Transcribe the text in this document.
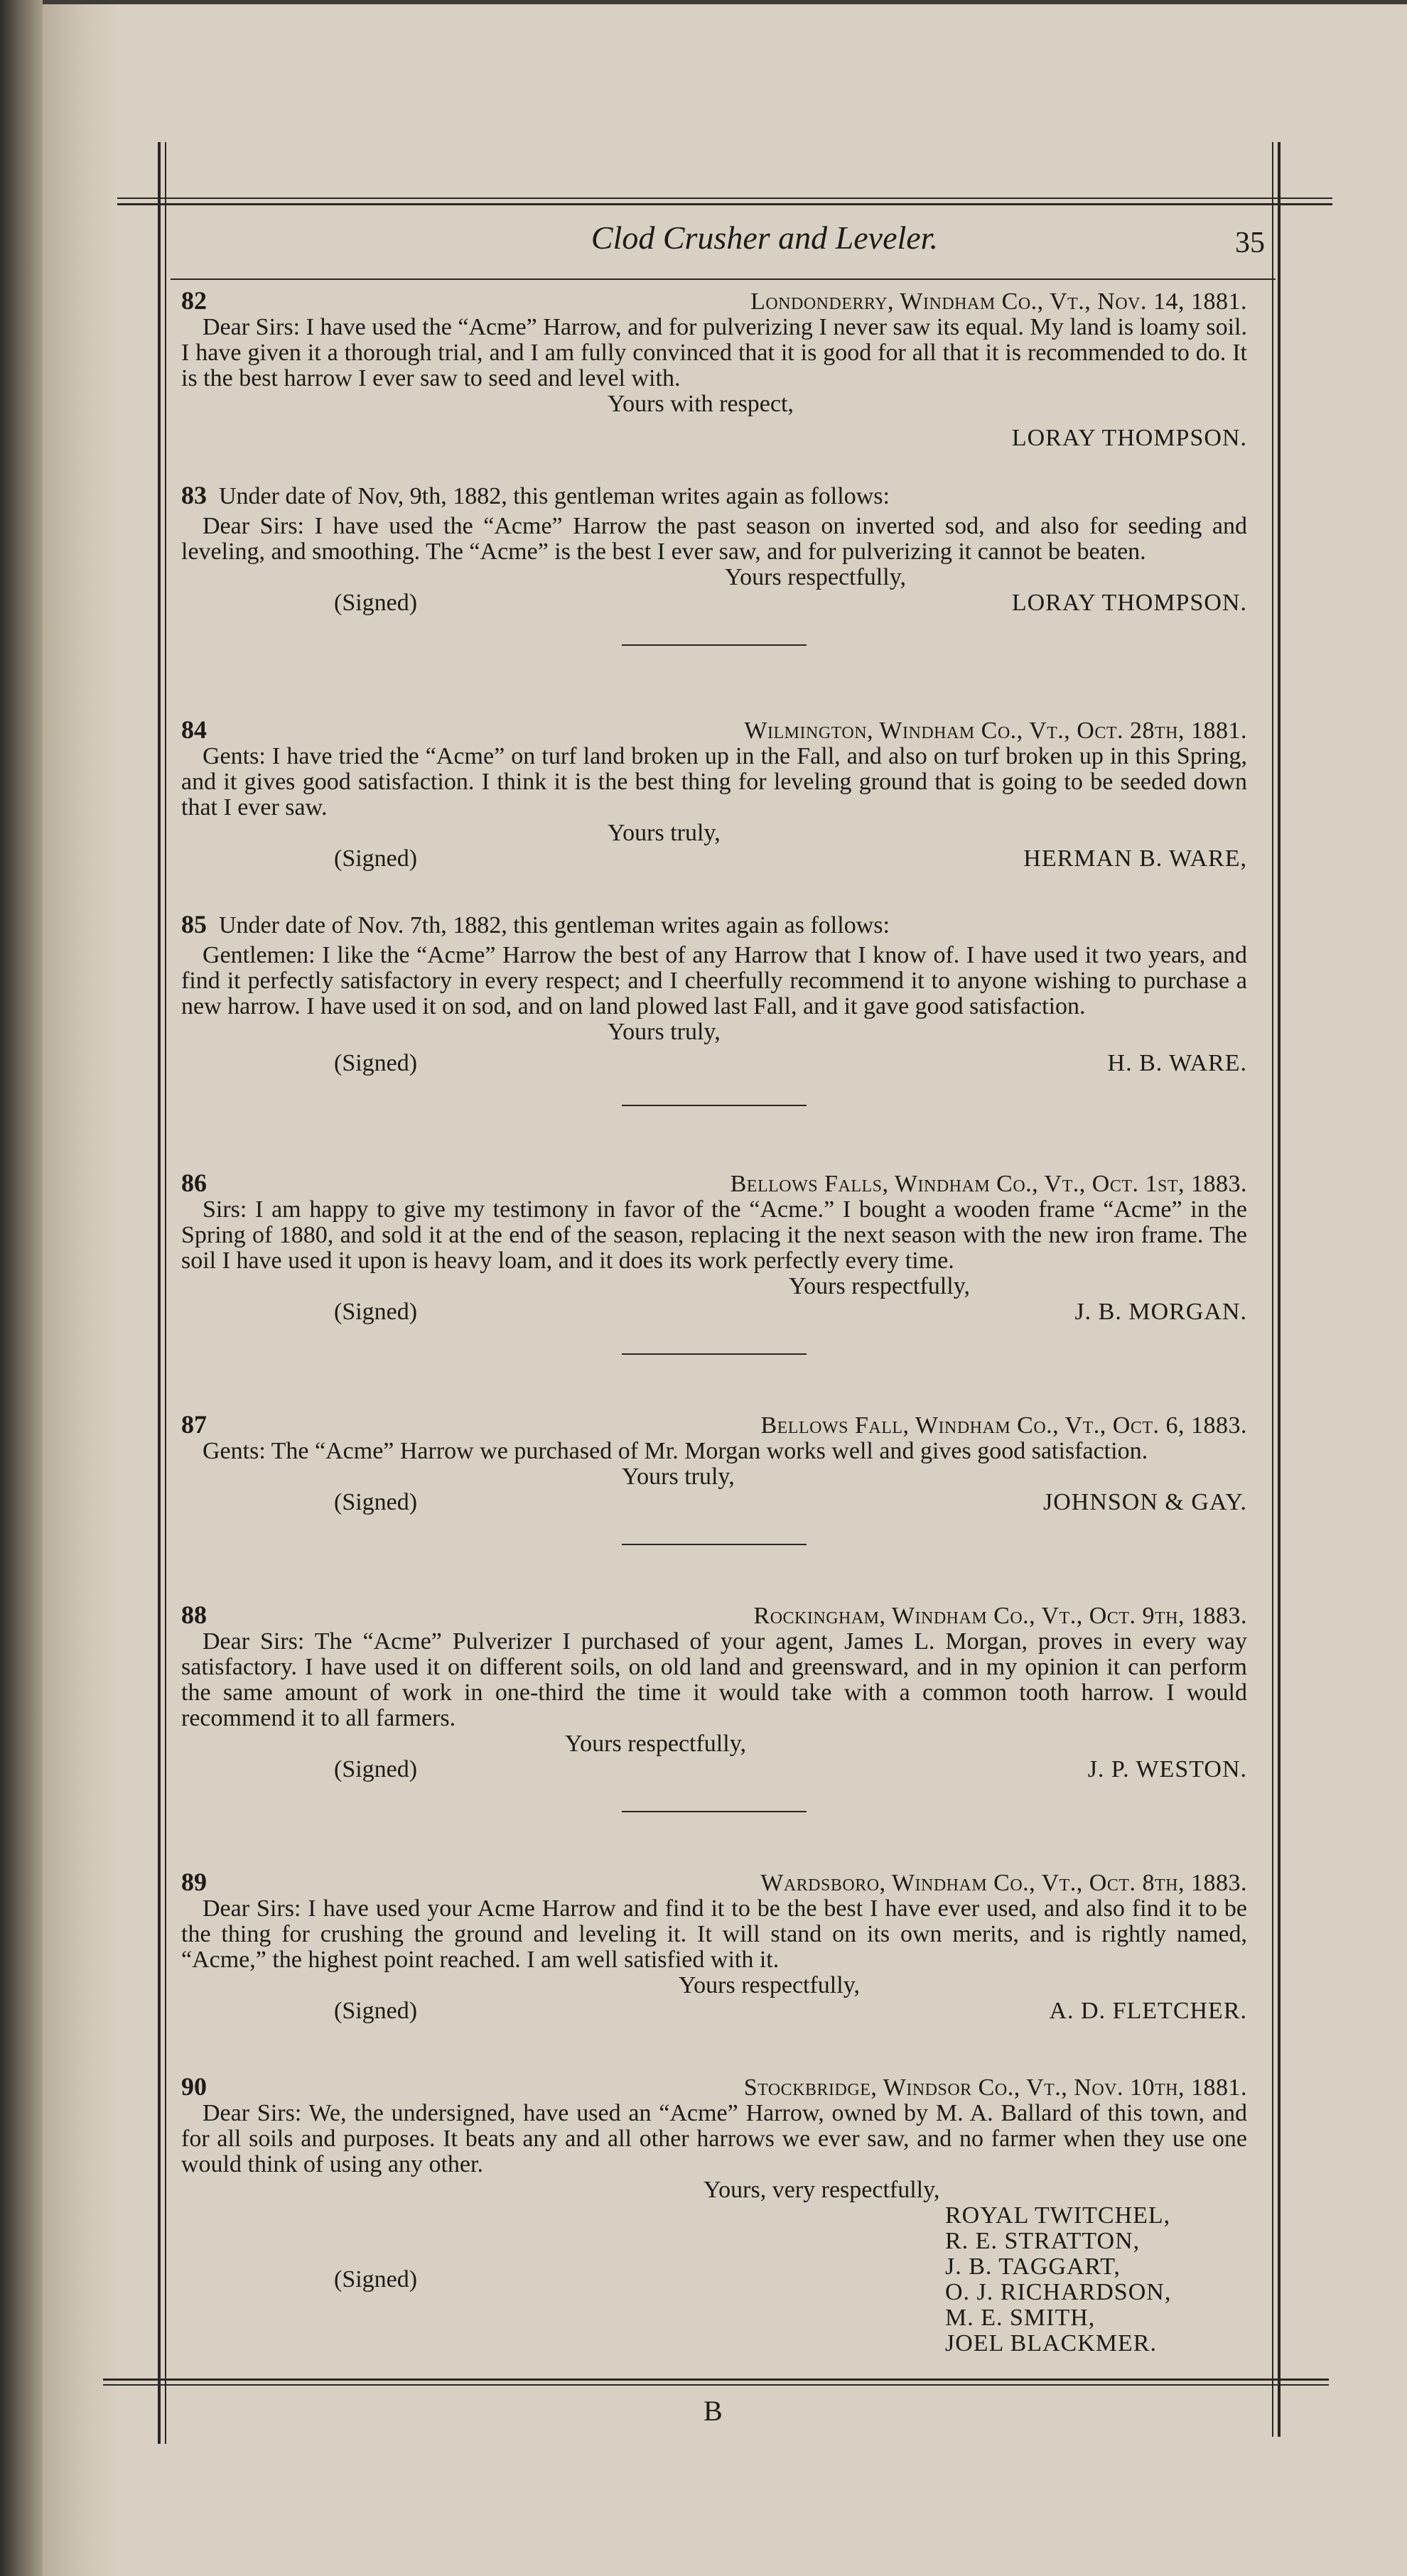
Clod Crusher and Leveler.	35
82	Londonderry, Windham Co., Vt., Nov. 14, 1881.
Dear Sirs: I have used the “Acme” Harrow, and for pulverizing I never saw its equal. My land is loamy soil. I have given it a thorough trial, and I am fully convinced that it is good for all that it is recommended to do. It is the best harrow I ever saw to seed and level with.
Yours with respect,
LORAY THOMPSON.
83 Under date of Nov, 9th, 1882, this gentleman writes again as follows:
Dear Sirs: I have used the “Acme” Harrow the past season on inverted sod, and also for seeding and leveling, and smoothing. The “Acme” is the best I ever saw, and for pulverizing it cannot be beaten.
Yours respectfully,
(Signed)	LORAY THOMPSON.
84	Wilmington, Windham Co., Vt., Oct. 28th, 1881.
Gents: I have tried the “Acme” on turf land broken up in the Fall, and also on turf broken up in this Spring, and it gives good satisfaction. I think it is the best thing for leveling ground that is going to be seeded down that I ever saw.
Yours truly,
(Signed)	HERMAN B. WARE,
85 Under date of Nov. 7th, 1882, this gentleman writes again as follows:
Gentlemen: I like the “Acme” Harrow the best of any Harrow that I know of. I have used it two years, and find it perfectly satisfactory in every respect; and I cheerfully recommend it to anyone wishing to purchase a new harrow. I have used it on sod, and on land plowed last Fall, and it gave good satisfaction.
Yours truly,
(Signed)	H. B. WARE.
86	Bellows Falls, Windham Co., Vt., Oct. 1st, 1883.
Sirs: I am happy to give my testimony in favor of the “Acme.” I bought a wooden frame “Acme” in the Spring of 1880, and sold it at the end of the season, replacing it the next season with the new iron frame. The soil I have used it upon is heavy loam, and it does its work perfectly every time.
Yours respectfully,
(Signed)	J. B. MORGAN.
87	Bellows Fall, Windham Co., Vt., Oct. 6, 1883.
Gents: The “Acme” Harrow we purchased of Mr. Morgan works well and gives good satisfaction.
Yours truly,
(Signed)	JOHNSON & GAY.
88	Rockingham, Windham Co., Vt., Oct. 9th, 1883.
Dear Sirs: The “Acme” Pulverizer I purchased of your agent, James L. Morgan, proves in every way satisfactory. I have used it on different soils, on old land and greensward, and in my opinion it can perform the same amount of work in one-third the time it would take with a common tooth harrow. I would recommend it to all farmers.
Yours respectfully,
(Signed)	J. P. WESTON.
89	Wardsboro, Windham Co., Vt., Oct. 8th, 1883.
Dear Sirs: I have used your Acme Harrow and find it to be the best I have ever used, and also find it to be the thing for crushing the ground and leveling it. It will stand on its own merits, and is rightly named, “Acme,” the highest point reached. I am well satisfied with it.
Yours respectfully,
(Signed)	A. D. FLETCHER.
90	Stockbridge, Windsor Co., Vt., Nov. 10th, 1881.
Dear Sirs: We, the undersigned, have used an “Acme” Harrow, owned by M. A. Ballard of this town, and for all soils and purposes. It beats any and all other harrows we ever saw, and no farmer when they use one would think of using any other.
Yours, very respectfully,
(Signed)
ROYAL TWITCHEL,
R. E. STRATTON,
J. B. TAGGART,
O. J. RICHARDSON,
M. E. SMITH,
JOEL BLACKMER.
B
